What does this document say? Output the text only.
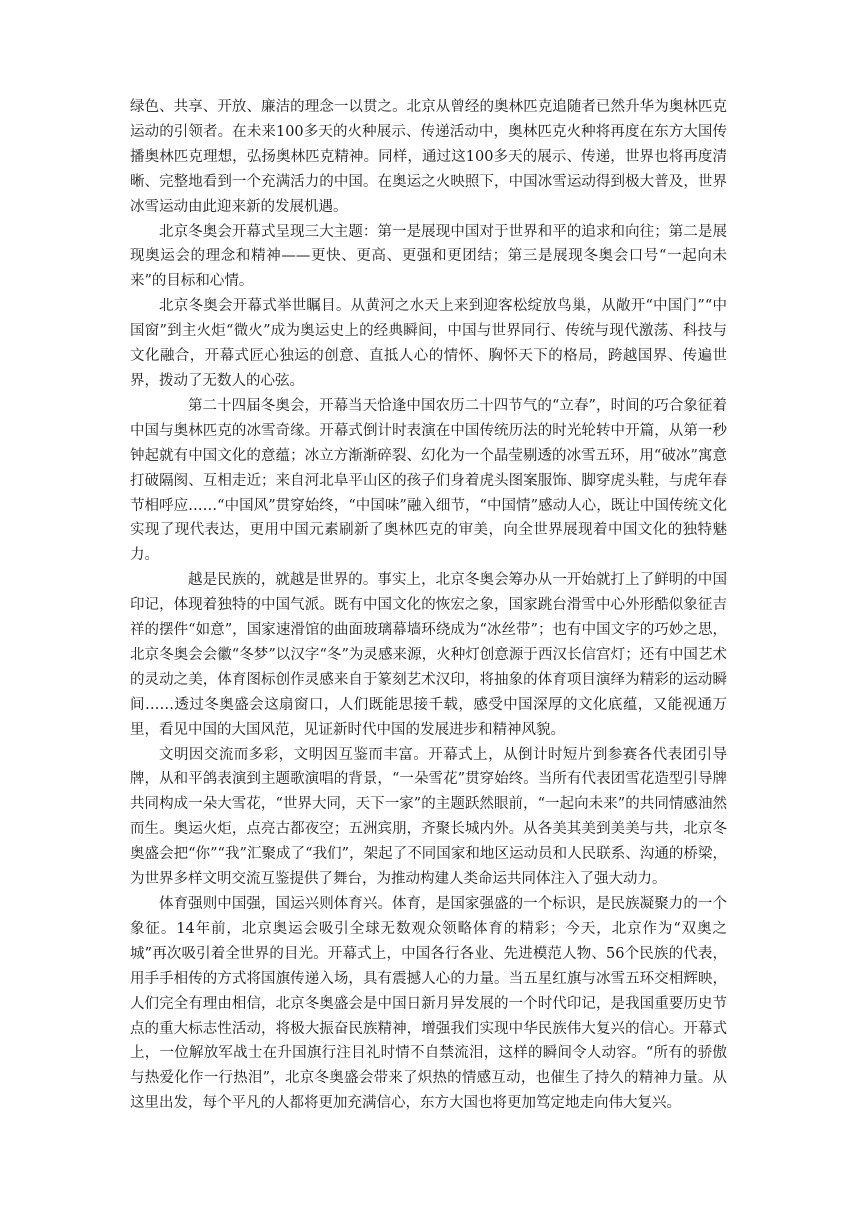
绿色、共享、开放、廉洁的理念一以贯之。北京从曾经的奥林匹克追随者已然升华为奥林匹克运动的引领者。在未来100多天的火种展示、传递活动中，奥林匹克火种将再度在东方大国传播奥林匹克理想，弘扬奥林匹克精神。同样，通过这100多天的展示、传递，世界也将再度清晰、完整地看到一个充满活力的中国。在奥运之火映照下，中国冰雪运动得到极大普及，世界冰雪运动由此迎来新的发展机遇。

北京冬奥会开幕式呈现三大主题：第一是展现中国对于世界和平的追求和向往；第二是展现奥运会的理念和精神——更快、更高、更强和更团结；第三是展现冬奥会口号“一起向未来”的目标和心情。

北京冬奥会开幕式举世瞩目。从黄河之水天上来到迎客松绽放鸟巢，从敞开“中国门”“中国窗”到主火炬“微火”成为奥运史上的经典瞬间，中国与世界同行、传统与现代激荡、科技与文化融合，开幕式匠心独运的创意、直抵人心的情怀、胸怀天下的格局，跨越国界、传遍世界，拨动了无数人的心弦。

第二十四届冬奥会，开幕当天恰逢中国农历二十四节气的“立春”，时间的巧合象征着中国与奥林匹克的冰雪奇缘。开幕式倒计时表演在中国传统历法的时光轮转中开篇，从第一秒钟起就有中国文化的意蕴；冰立方渐渐碎裂、幻化为一个晶莹剔透的冰雪五环，用“破冰”寓意打破隔阂、互相走近；来自河北阜平山区的孩子们身着虎头图案服饰、脚穿虎头鞋，与虎年春节相呼应……“中国风”贯穿始终，“中国味”融入细节，“中国情”感动人心，既让中国传统文化实现了现代表达，更用中国元素刷新了奥林匹克的审美，向全世界展现着中国文化的独特魅力。

越是民族的，就越是世界的。事实上，北京冬奥会筹办从一开始就打上了鲜明的中国印记，体现着独特的中国气派。既有中国文化的恢宏之象，国家跳台滑雪中心外形酷似象征吉祥的摆件“如意”，国家速滑馆的曲面玻璃幕墙环绕成为“冰丝带”；也有中国文字的巧妙之思，北京冬奥会会徽“冬梦”以汉字“冬”为灵感来源，火种灯创意源于西汉长信宫灯；还有中国艺术的灵动之美，体育图标创作灵感来自于篆刻艺术汉印，将抽象的体育项目演绎为精彩的运动瞬间……透过冬奥盛会这扇窗口，人们既能思接千载，感受中国深厚的文化底蕴，又能视通万里，看见中国的大国风范，见证新时代中国的发展进步和精神风貌。

文明因交流而多彩，文明因互鉴而丰富。开幕式上，从倒计时短片到参赛各代表团引导牌，从和平鸽表演到主题歌演唱的背景，“一朵雪花”贯穿始终。当所有代表团雪花造型引导牌共同构成一朵大雪花，“世界大同，天下一家”的主题跃然眼前，“一起向未来”的共同情感油然而生。奥运火炬，点亮古都夜空；五洲宾朋，齐聚长城内外。从各美其美到美美与共，北京冬奥盛会把“你”“我”汇聚成了“我们”，架起了不同国家和地区运动员和人民联系、沟通的桥梁，为世界多样文明交流互鉴提供了舞台，为推动构建人类命运共同体注入了强大动力。

体育强则中国强，国运兴则体育兴。体育，是国家强盛的一个标识，是民族凝聚力的一个象征。14年前，北京奥运会吸引全球无数观众领略体育的精彩；今天，北京作为“双奥之城”再次吸引着全世界的目光。开幕式上，中国各行各业、先进模范人物、56个民族的代表，用手手相传的方式将国旗传递入场，具有震撼人心的力量。当五星红旗与冰雪五环交相辉映，人们完全有理由相信，北京冬奥盛会是中国日新月异发展的一个时代印记，是我国重要历史节点的重大标志性活动，将极大振奋民族精神，增强我们实现中华民族伟大复兴的信心。开幕式上，一位解放军战士在升国旗行注目礼时情不自禁流泪，这样的瞬间令人动容。“所有的骄傲与热爱化作一行热泪”，北京冬奥盛会带来了炽热的情感互动，也催生了持久的精神力量。从这里出发，每个平凡的人都将更加充满信心，东方大国也将更加笃定地走向伟大复兴。
